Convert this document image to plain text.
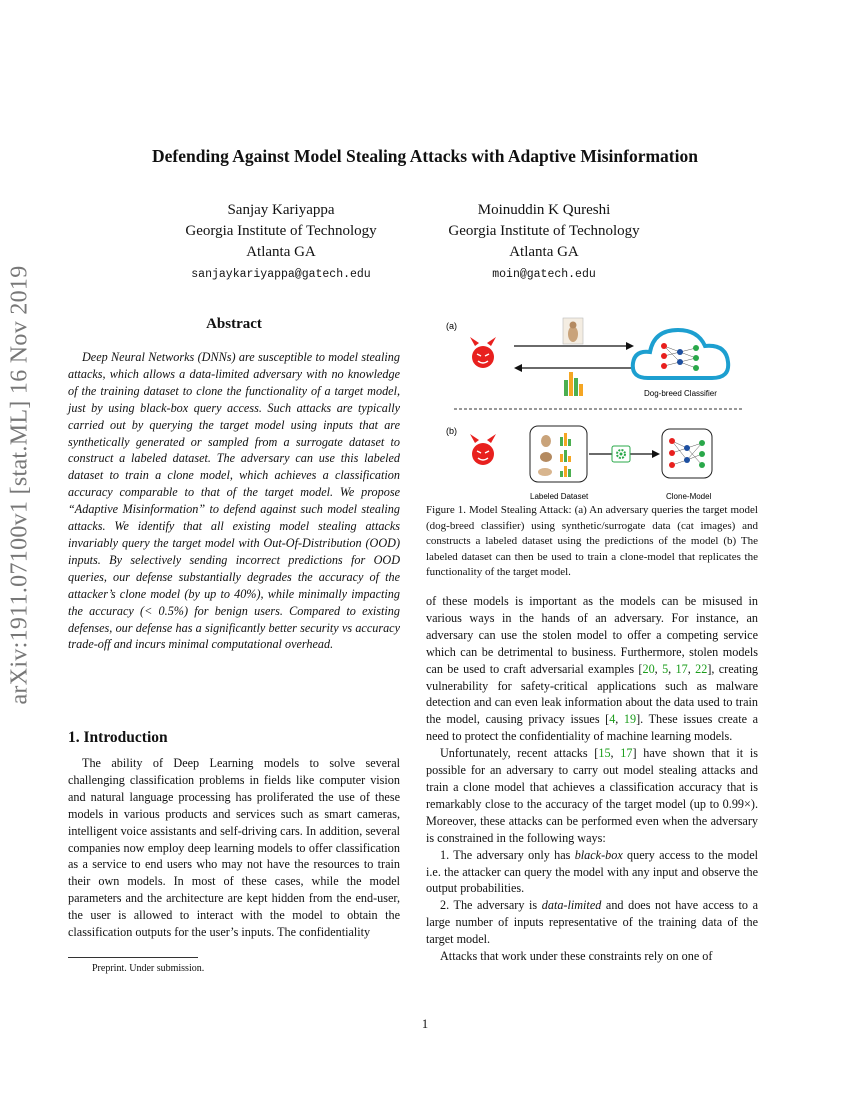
arXiv:1911.07100v1 [stat.ML] 16 Nov 2019
Defending Against Model Stealing Attacks with Adaptive Misinformation
Sanjay Kariyappa
Georgia Institute of Technology
Atlanta GA
sanjaykariyappa@gatech.edu
Moinuddin K Qureshi
Georgia Institute of Technology
Atlanta GA
moin@gatech.edu
Abstract
Deep Neural Networks (DNNs) are susceptible to model stealing attacks, which allows a data-limited adversary with no knowledge of the training dataset to clone the functionality of a target model, just by using black-box query access. Such attacks are typically carried out by querying the target model using inputs that are synthetically generated or sampled from a surrogate dataset to construct a labeled dataset. The adversary can use this labeled dataset to train a clone model, which achieves a classification accuracy comparable to that of the target model. We propose “Adaptive Misinformation” to defend against such model stealing attacks. We identify that all existing model stealing attacks invariably query the target model with Out-Of-Distribution (OOD) inputs. By selectively sending incorrect predictions for OOD queries, our defense substantially degrades the accuracy of the attacker’s clone model (by up to 40%), while minimally impacting the accuracy (< 0.5%) for benign users. Compared to existing defenses, our defense has a significantly better security vs accuracy trade-off and incurs minimal computational overhead.
1. Introduction
The ability of Deep Learning models to solve several challenging classification problems in fields like computer vision and natural language processing has proliferated the use of these models in various products and services such as smart cameras, intelligent voice assistants and self-driving cars. In addition, several companies now employ deep learning models to offer classification as a service to end users who may not have the resources to train their own models. In most of these cases, while the model parameters and the architecture are kept hidden from the end-user, the user is allowed to interact with the model to obtain the classification outputs for the user’s inputs. The confidentiality
Preprint. Under submission.
(a)
Dog-breed Classifier
(b)
Labeled Dataset	Clone-Model
Figure 1. Model Stealing Attack: (a) An adversary queries the target model (dog-breed classifier) using synthetic/surrogate data (cat images) and constructs a labeled dataset using the predictions of the model (b) The labeled dataset can then be used to train a clone-model that replicates the functionality of the target model.

of these models is important as the models can be misused in various ways in the hands of an adversary. For instance, an adversary can use the stolen model to offer a competing service which can be detrimental to business. Furthermore, stolen models can be used to craft adversarial examples [20, 5, 17, 22], creating vulnerability for safety-critical applications such as malware detection and can even leak information about the data used to train the model, causing privacy issues [4, 19]. These issues create a need to protect the confidentiality of machine learning models.

Unfortunately, recent attacks [15, 17] have shown that it is possible for an adversary to carry out model stealing attacks and train a clone model that achieves a classification accuracy that is remarkably close to the accuracy of the target model (up to 0.99×). Moreover, these attacks can be performed even when the adversary is constrained in the following ways:

1. The adversary only has black-box query access to the model i.e. the attacker can query the model with any input and observe the output probabilities.

2. The adversary is data-limited and does not have access to a large number of inputs representative of the training data of the target model.

Attacks that work under these constraints rely on one of

1
